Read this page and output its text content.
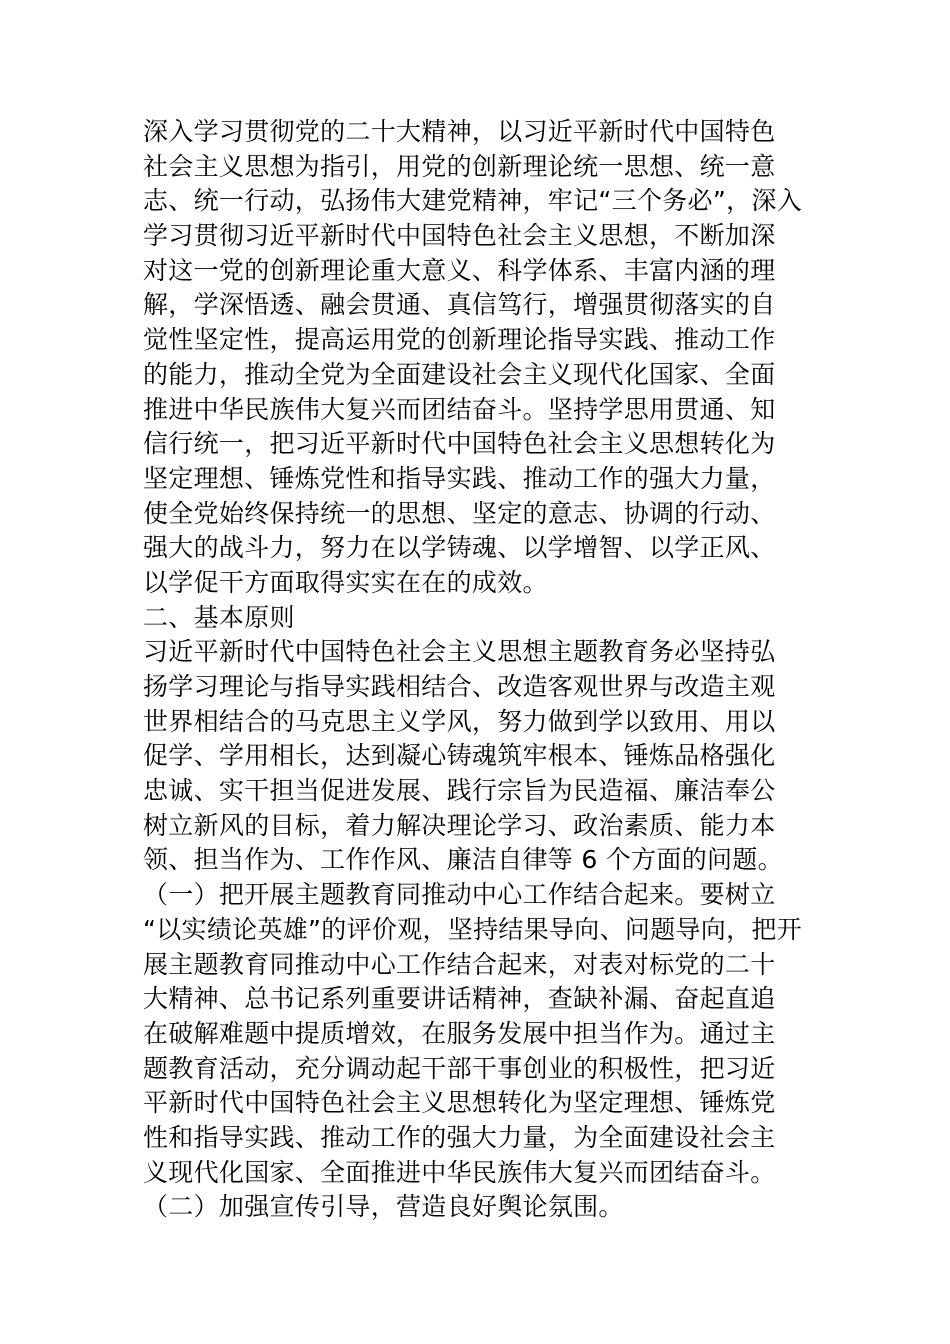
深入学习贯彻党的二十大精神，以习近平新时代中国特色
社会主义思想为指引，用党的创新理论统一思想、统一意
志、统一行动，弘扬伟大建党精神，牢记“三个务必”，深入
学习贯彻习近平新时代中国特色社会主义思想，不断加深
对这一党的创新理论重大意义、科学体系、丰富内涵的理
解，学深悟透、融会贯通、真信笃行，增强贯彻落实的自
觉性坚定性，提高运用党的创新理论指导实践、推动工作
的能力，推动全党为全面建设社会主义现代化国家、全面
推进中华民族伟大复兴而团结奋斗。坚持学思用贯通、知
信行统一，把习近平新时代中国特色社会主义思想转化为
坚定理想、锤炼党性和指导实践、推动工作的强大力量，
使全党始终保持统一的思想、坚定的意志、协调的行动、
强大的战斗力，努力在以学铸魂、以学增智、以学正风、
以学促干方面取得实实在在的成效。
二、基本原则
习近平新时代中国特色社会主义思想主题教育务必坚持弘
扬学习理论与指导实践相结合、改造客观世界与改造主观
世界相结合的马克思主义学风，努力做到学以致用、用以
促学、学用相长，达到凝心铸魂筑牢根本、锤炼品格强化
忠诚、实干担当促进发展、践行宗旨为民造福、廉洁奉公
树立新风的目标，着力解决理论学习、政治素质、能力本
领、担当作为、工作作风、廉洁自律等 6 个方面的问题。
（一）把开展主题教育同推动中心工作结合起来。要树立
“以实绩论英雄”的评价观，坚持结果导向、问题导向，把开
展主题教育同推动中心工作结合起来，对表对标党的二十
大精神、总书记系列重要讲话精神，查缺补漏、奋起直追
在破解难题中提质增效，在服务发展中担当作为。通过主
题教育活动，充分调动起干部干事创业的积极性，把习近
平新时代中国特色社会主义思想转化为坚定理想、锤炼党
性和指导实践、推动工作的强大力量，为全面建设社会主
义现代化国家、全面推进中华民族伟大复兴而团结奋斗。
（二）加强宣传引导，营造良好舆论氛围。
